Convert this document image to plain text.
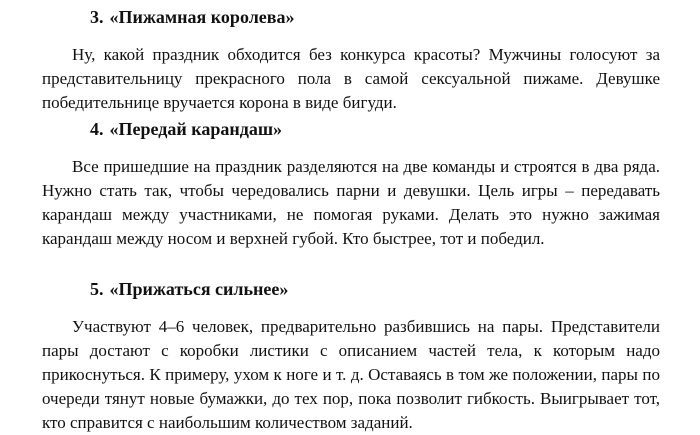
3. «Пижамная королева»

Ну, какой праздник обходится без конкурса красоты? Мужчины голосуют за представительницу прекрасного пола в самой сексуальной пижаме. Девушке победительнице вручается корона в виде бигуди.

4. «Передай карандаш»

Все пришедшие на праздник разделяются на две команды и строятся в два ряда. Нужно стать так, чтобы чередовались парни и девушки. Цель игры – передавать карандаш между участниками, не помогая руками. Делать это нужно зажимая карандаш между носом и верхней губой. Кто быстрее, тот и победил.

5. «Прижаться сильнее»

Участвуют 4–6 человек, предварительно разбившись на пары. Представители пары достают с коробки листики с описанием частей тела, к которым надо прикоснуться. К примеру, ухом к ноге и т. д. Оставаясь в том же положении, пары по очереди тянут новые бумажки, до тех пор, пока позволит гибкость. Выигрывает тот, кто справится с наибольшим количеством заданий.
